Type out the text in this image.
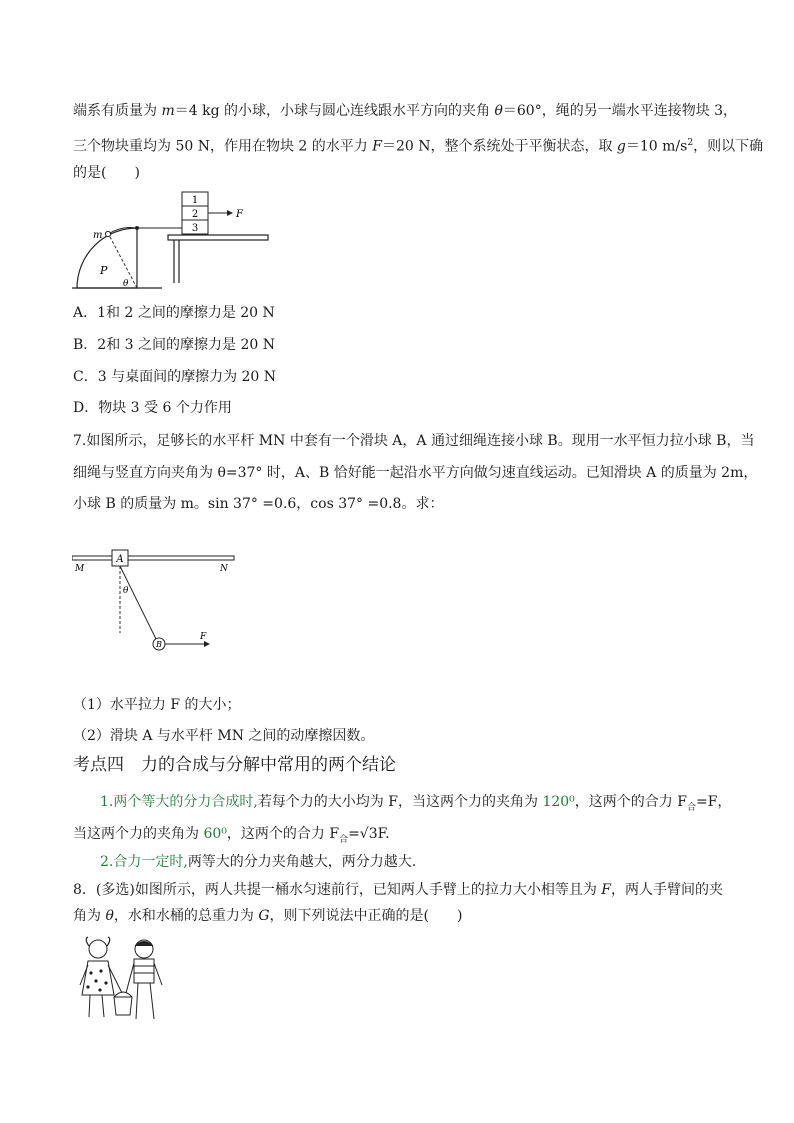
端系有质量为 m＝4 kg 的小球，小球与圆心连线跟水平方向的夹角 θ＝60°，绳的另一端水平连接物块 3，
三个物块重均为 50 N，作用在物块 2 的水平力 F＝20 N，整个系统处于平衡状态，取 g＝10 $m/s^2$，则以下确
的是(　　)
1
2
3
F
m
P
θ
A．1和 2 之间的摩擦力是 20 N
B．2和 3 之间的摩擦力是 20 N
C．3 与桌面间的摩擦力为 20 N
D．物块 3 受 6 个力作用
7.如图所示，足够长的水平杆 MN 中套有一个滑块 A，A 通过细绳连接小球 B。现用一水平恒力拉小球 B，当
细绳与竖直方向夹角为 θ=37° 时，A、B 恰好能一起沿水平方向做匀速直线运动。已知滑块 A 的质量为 2m，
小球 B 的质量为 m。sin 37° =0.6，cos 37° =0.8。求：
A
M	N
θ
B
F
（1）水平拉力 F 的大小；
（2）滑块 A 与水平杆 MN 之间的动摩擦因数。
考点四　力的合成与分解中常用的两个结论
1.两个等大的分力合成时,若每个力的大小均为 F，当这两个力的夹角为 120⁰，这两个的合力 $F_合=F$，
当这两个力的夹角为 60⁰，这两个的合力 $F_合=√3F$.
2.合力一定时,两等大的分力夹角越大，两分力越大.
8．(多选)如图所示，两人共提一桶水匀速前行，已知两人手臂上的拉力大小相等且为 F，两人手臂间的夹
角为 θ，水和水桶的总重力为 G，则下列说法中正确的是(　　)
